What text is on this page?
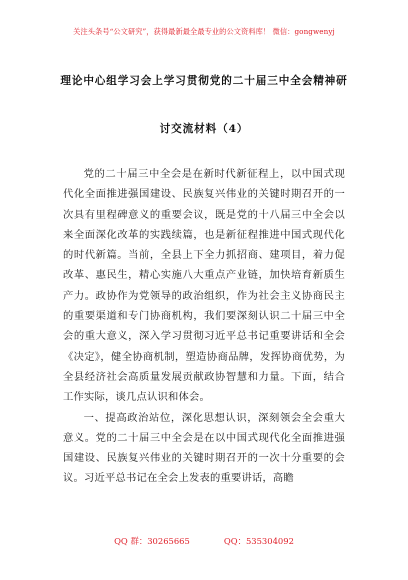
关注头条号“公文研究”，获得最新最全最专业的公文资料库！ 微信：gongwenyj
理论中心组学习会上学习贯彻党的二十届三中全会精神研
讨交流材料（4）

党的二十届三中全会是在新时代新征程上，以中国式现代化全面推进强国建设、民族复兴伟业的关键时期召开的一次具有里程碑意义的重要会议，既是党的十八届三中全会以来全面深化改革的实践续篇，也是新征程推进中国式现代化的时代新篇。当前，全县上下全力抓招商、建项目，着力促改革、惠民生，精心实施八大重点产业链，加快培育新质生产力。政协作为党领导的政治组织，作为社会主义协商民主的重要渠道和专门协商机构，我们要深刻认识二十届三中全会的重大意义，深入学习贯彻习近平总书记重要讲话和全会《决定》，健全协商机制，塑造协商品牌，发挥协商优势，为全县经济社会高质量发展贡献政协智慧和力量。下面，结合工作实际，谈几点认识和体会。

一、提高政治站位，深化思想认识，深刻领会全会重大意义。党的二十届三中全会是在以中国式现代化全面推进强国建设、民族复兴伟业的关键时期召开的一次十分重要的会议。习近平总书记在全会上发表的重要讲话，高瞻

QQ 群：30265665	QQ：535304092
